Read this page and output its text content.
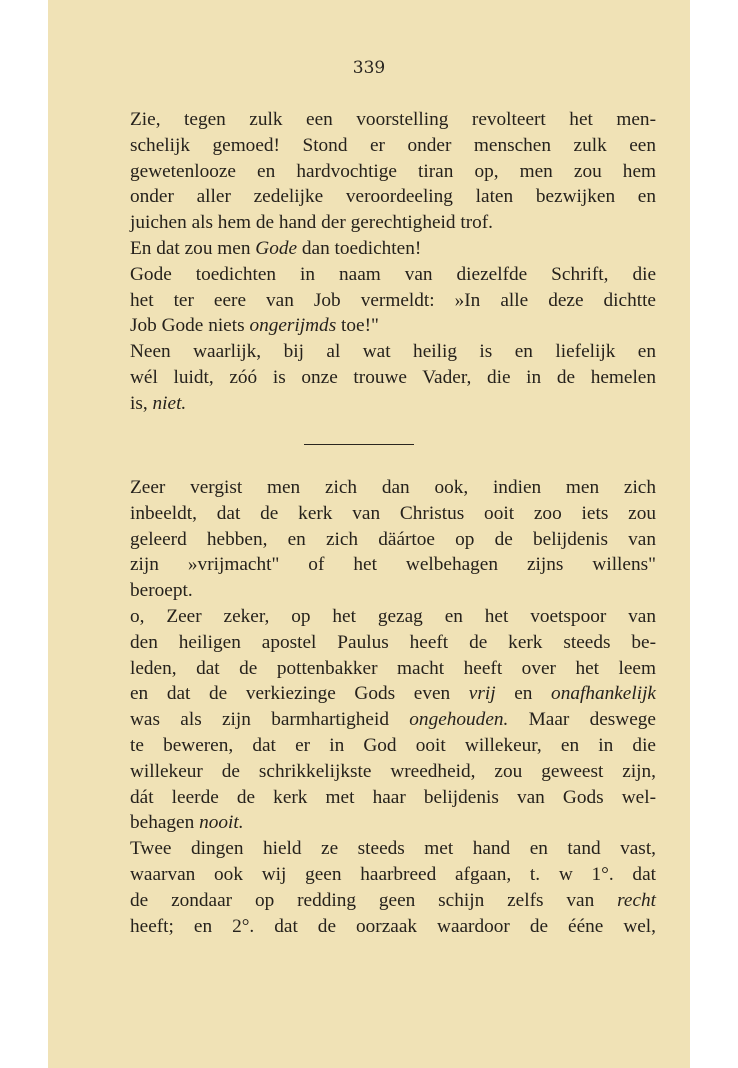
339

Zie, tegen zulk een voorstelling revolteert het men-
schelijk gemoed! Stond er onder menschen zulk een
gewetenlooze en hardvochtige tiran op, men zou hem
onder aller zedelijke veroordeeling laten bezwijken en
juichen als hem de hand der gerechtigheid trof.

En dat zou men Gode dan toedichten!

Gode toedichten in naam van diezelfde Schrift, die
het ter eere van Job vermeldt: »In alle deze dichtte
Job Gode niets ongerijmds toe!"

Neen waarlijk, bij al wat heilig is en liefelijk en
wél luidt, zóó is onze trouwe Vader, die in de hemelen
is, niet.

Zeer vergist men zich dan ook, indien men zich
inbeeldt, dat de kerk van Christus ooit zoo iets zou
geleerd hebben, en zich däártoe op de belijdenis van
zijn »vrijmacht" of het welbehagen zijns willens"
beroept.

o, Zeer zeker, op het gezag en het voetspoor van
den heiligen apostel Paulus heeft de kerk steeds be-
leden, dat de pottenbakker macht heeft over het leem
en dat de verkiezinge Gods even vrij en onafhankelijk
was als zijn barmhartigheid ongehouden. Maar deswege
te beweren, dat er in God ooit willekeur, en in die
willekeur de schrikkelijkste wreedheid, zou geweest zijn,
dát leerde de kerk met haar belijdenis van Gods wel-
behagen nooit.

Twee dingen hield ze steeds met hand en tand vast,
waarvan ook wij geen haarbreed afgaan, t. w 1°. dat
de zondaar op redding geen schijn zelfs van recht
heeft; en 2°. dat de oorzaak waardoor de ééne wel,
